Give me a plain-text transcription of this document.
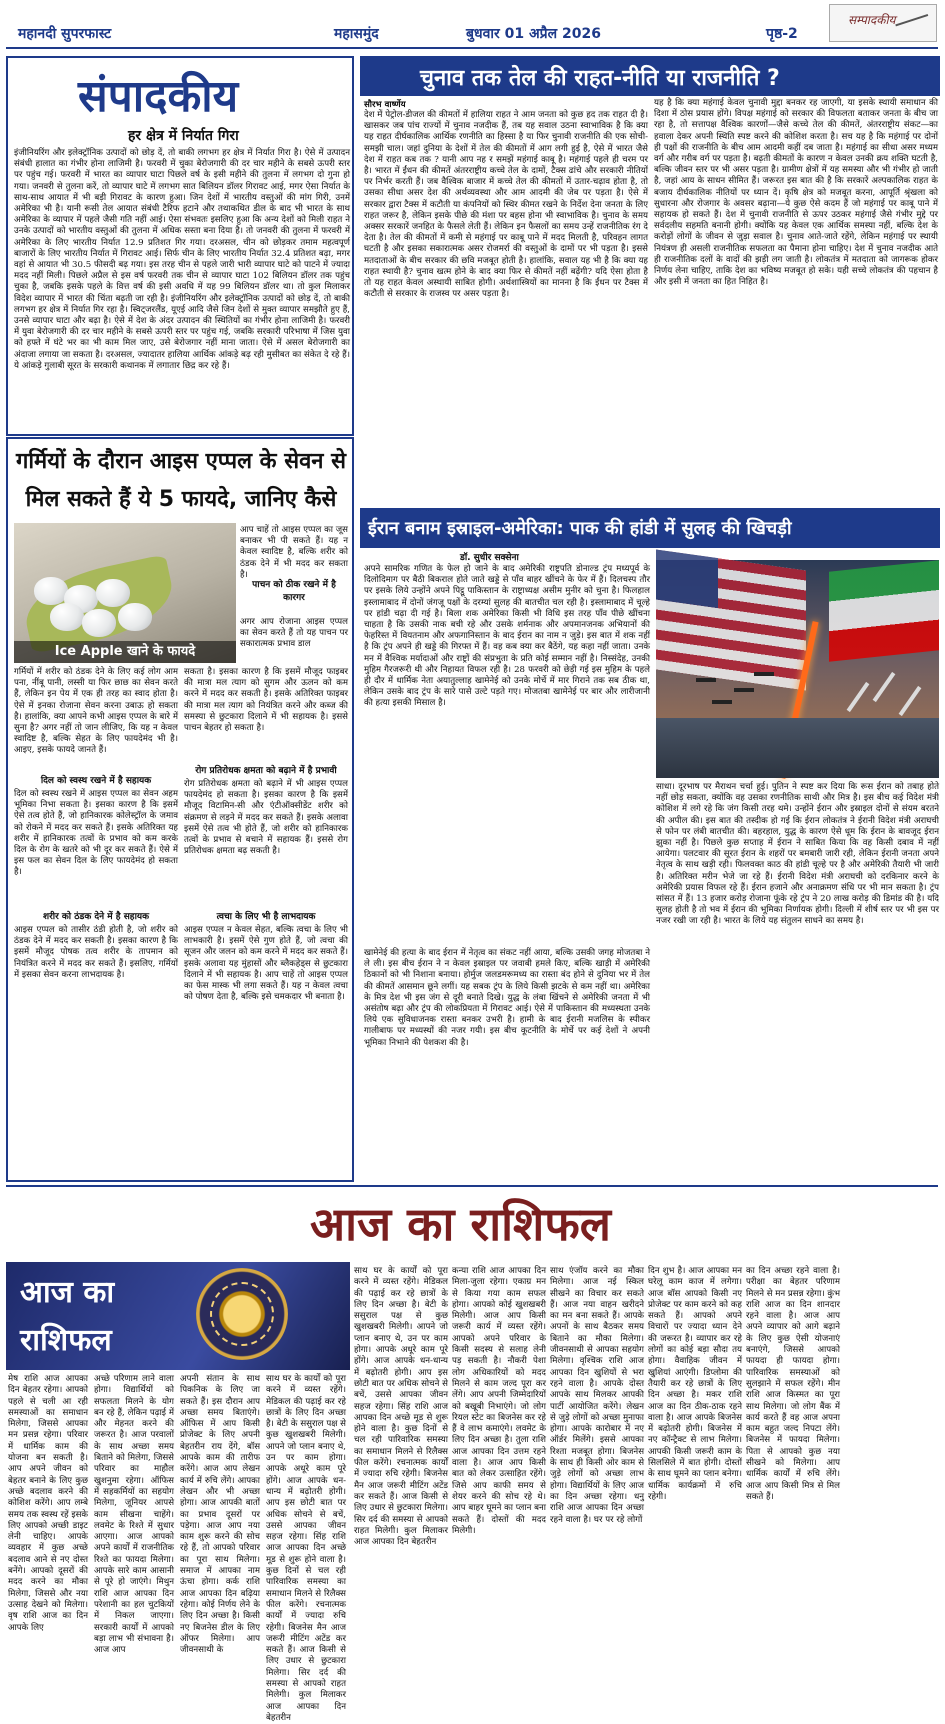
महानदी सुपरफास्ट	महासमुंद	बुधवार 01 अप्रैल 2026	पृष्ठ-2
सम्पादकीय
संपादकीय
हर क्षेत्र में निर्यात गिरा
इंजीनियरिंग और इलेक्ट्रॉनिक उत्पादों को छोड़ दें, तो बाकी लगभग हर क्षेत्र में निर्यात गिरा है। ऐसे में उत्पादन संबंधी हालात का गंभीर होना लाजिमी है। फरवरी में चुका बेरोजगारी की दर चार महीने के सबसे ऊपरी स्तर पर पहुंच गई। फरवरी में भारत का व्यापार घाटा पिछले वर्ष के इसी महीने की तुलना में लगभग दो गुना हो गया। जनवरी से तुलना करें, तो व्यापार घाटे में लगभग सात बिलियन डॉलर गिरावट आई, मगर ऐसा निर्यात के साथ-साथ आयात में भी बड़ी गिरावट के कारण हुआ। जिन देशों में भारतीय वस्तुओं की मांग गिरी, उनमें अमेरिका भी है। यानी रूसी तेल आयात संबंधी टैरिफ हटाने और तथाकथित डील के बाद भी भारत के साथ अमेरिका के व्यापार में पहले जैसी गति नहीं आई। ऐसा संभवतः इसलिए हुआ कि अन्य देशों को मिली राहत ने उनके उत्पादों को भारतीय वस्तुओं की तुलना में अधिक सस्ता बना दिया है। तो जनवरी की तुलना में फरवरी में अमेरिका के लिए भारतीय निर्यात 12.9 प्रतिशत गिर गया। दरअसल, चीन को छोड़कर तमाम महत्वपूर्ण बाजारों के लिए भारतीय निर्यात में गिरावट आई। सिर्फ चीन के लिए भारतीय निर्यात 32.4 प्रतिशत बढ़ा, मगर वहां से आयात भी 30.5 फीसदी बढ़ गया। इस तरह चीन से पहले जारी भारी व्यापार घाटे को पाटने में ज्यादा मदद नहीं मिली। पिछले अप्रैल से इस वर्ष फरवरी तक चीन से व्यापार घाटा 102 बिलियन डॉलर तक पहुंच चुका है, जबकि इसके पहले के वित्त वर्ष की इसी अवधि में यह 99 बिलियन डॉलर था। तो कुल मिलाकर विदेश व्यापार में भारत की चिंता बढ़ती जा रही है। इंजीनियरिंग और इलेक्ट्रॉनिक उत्पादों को छोड़ दें, तो बाकी लगभग हर क्षेत्र में निर्यात गिर रहा है। स्विट्जरलैंड, यूएई आदि जैसे जिन देशों से मुक्त व्यापार समझौते हुए हैं, उनसे व्यापार घाटा और बढ़ा है। ऐसे में देश के अंदर उत्पादन की स्थितियों का गंभीर होना लाजिमी है। फरवरी में युवा बेरोजगारी की दर चार महीने के सबसे ऊपरी स्तर पर पहुंच गई, जबकि सरकारी परिभाषा में जिस युवा को हफ्ते में घंटे भर का भी काम मिल जाए, उसे बेरोजगार नहीं माना जाता। ऐसे में असल बेरोजगारी का अंदाजा लगाया जा सकता है। दरअसल, ज्यादातर हालिया आर्थिक आंकड़े बढ़ रही मुसीबत का संकेत दे रहे हैं। ये आंकड़े गुलाबी सूरत के सरकारी कथानक में लगातार छिद्र कर रहे हैं।
गर्मियों के दौरान आइस एप्पल के सेवन से मिल सकते हैं ये 5 फायदे, जानिए कैसे
Ice Apple खाने के फायदे
आप चाहें तो आइस एप्पल का जूस बनाकर भी पी सकते हैं। यह न केवल स्वादिष्ट है, बल्कि शरीर को ठंडक देने में भी मदद कर सकता है।
पाचन को ठीक रखने में है कारगर
अगर आप रोजाना आइस एप्पल का सेवन करते हैं तो यह पाचन पर सकारात्मक प्रभाव डाल
गर्मियों में शरीर को ठंडक देने के लिए कई लोग आम पना, नींबू पानी, लस्सी या फिर छाछ का सेवन करते हैं, लेकिन इन पेय में एक ही तरह का स्वाद होता है। ऐसे में इनका रोजाना सेवन करना उबाऊ हो सकता है। हालांकि, क्या आपने कभी आइस एप्पल के बारे में सुना है? अगर नहीं तो जान लीजिए, कि यह न केवल स्वादिष्ट है, बल्कि सेहत के लिए फायदेमंद भी है। आइए, इसके फायदे जानते हैं।
दिल को स्वस्थ रखने में है सहायक
दिल को स्वस्थ रखने में आइस एप्पल का सेवन अहम भूमिका निभा सकता है। इसका कारण है कि इसमें ऐसे तत्व होते हैं, जो हानिकारक कोलेस्ट्रॉल के जमाव को रोकने में मदद कर सकते हैं। इसके अतिरिक्त यह शरीर में हानिकारक तत्वों के प्रभाव को कम करके दिल के रोग के खतरे को भी दूर कर सकते हैं। ऐसे में इस फल का सेवन दिल के लिए फायदेमंद हो सकता है।
शरीर को ठंडक देने में है सहायक
आइस एप्पल को तासीर ठंडी होती है, जो शरीर को ठंडक देने में मदद कर सकती है। इसका कारण है कि इसमें मौजूद पोषक तत्व शरीर के तापमान को नियंत्रित करने में मदद कर सकते हैं। इसलिए, गर्मियों में इसका सेवन करना लाभदायक है।
सकता है। इसका कारण है कि इसमें मौजूद फाइबर की मात्रा मल त्याग को सुगम और ऊलन को कम करने में मदद कर सकती है। इसके अतिरिक्त फाइबर की मात्रा मल त्याग को नियंत्रित करने और कब्ज की समस्या से छुटकारा दिलाने में भी सहायक है। इससे पाचन बेहतर हो सकता है।
रोग प्रतिरोधक क्षमता को बढ़ाने में है प्रभावी
रोग प्रतिरोधक क्षमता को बढ़ाने में भी आइस एप्पल फायदेमंद हो सकता है। इसका कारण है कि इसमें मौजूद विटामिन-सी और एंटीऑक्सीडेंट शरीर को संक्रमण से लड़ने में मदद कर सकते हैं। इसके अलावा इसमें ऐसे तत्व भी होते हैं, जो शरीर को हानिकारक तत्वों के प्रभाव से बचाने में सहायक हैं। इससे रोग प्रतिरोधक क्षमता बढ़ सकती है।
त्वचा के लिए भी है लाभदायक
आइस एप्पल न केवल सेहत, बल्कि त्वचा के लिए भी लाभकारी है। इसमें ऐसे गुण होते हैं, जो त्वचा की सूजन और जलन को कम करने में मदद कर सकते हैं। इसके अलावा यह मुंहासों और ब्लैकहेड्स से छुटकारा दिलाने में भी सहायक है। आप चाहें तो आइस एप्पल का फेस मास्क भी लगा सकते हैं। यह न केवल त्वचा को पोषण देता है, बल्कि इसे चमकदार भी बनाता है।
चुनाव तक तेल की राहत-नीति या राजनीति ?
सौरभ वार्ष्णेय
देश में पेट्रोल-डीजल की कीमतों में हालिया राहत ने आम जनता को कुछ हद तक राहत दी है। खासकर जब पांच राज्यों में चुनाव नजदीक हैं, तब यह सवाल उठना स्वाभाविक है कि क्या यह राहत दीर्घकालिक आर्थिक रणनीति का हिस्सा है या फिर चुनावी राजनीति की एक सोची-समझी चाल। जहां दुनिया के देशों में तेल की कीमतों में आग लगी हुई है, ऐसे में भारत जैसे देश में राहत कब तक ? यानी आप नह र समझें महंगाई काबू है। महंगाई पहले ही चरम पर है। भारत में ईंधन की कीमतें अंतरराष्ट्रीय कच्चे तेल के दामों, टैक्स ढांचे और सरकारी नीतियों पर निर्भर करती हैं। जब वैश्विक बाजार में कच्चे तेल की कीमतों में उतार-चढ़ाव होता है, तो उसका सीधा असर देश की अर्थव्यवस्था और आम आदमी की जेब पर पड़ता है। ऐसे में सरकार द्वारा टैक्स में कटौती या कंपनियों को स्थिर कीमत रखने के निर्देश देना जनता के लिए राहत जरूर है, लेकिन इसके पीछे की मंशा पर बहस होना भी स्वाभाविक है। चुनाव के समय अक्सर सरकारें जनहित के फैसले लेती हैं। लेकिन इन फैसलों का समय उन्हें राजनीतिक रंग दे देता है। तेल की कीमतों में कमी से महंगाई पर काबू पाने में मदद मिलती है, परिवहन लागत घटती है और इसका सकारात्मक असर रोजमर्रा की वस्तुओं के दामों पर भी पड़ता है। इससे मतदाताओं के बीच सरकार की छवि मजबूत होती है। हालांकि, सवाल यह भी है कि क्या यह राहत स्थायी है? चुनाव खत्म होने के बाद क्या फिर से कीमतें नहीं बढ़ेंगी? यदि ऐसा होता है तो यह राहत केवल अस्थायी साबित होगी। अर्थशास्त्रियों का मानना है कि ईंधन पर टैक्स में कटौती से सरकार के राजस्व पर असर पड़ता है।
यह है कि क्या महंगाई केवल चुनावी मुद्दा बनकर रह जाएगी, या इसके स्थायी समाधान की दिशा में ठोस प्रयास होंगे। विपक्ष महंगाई को सरकार की विफलता बताकर जनता के बीच जा रहा है, तो सत्तापक्ष वैश्विक कारणों—जैसे कच्चे तेल की कीमतें, अंतरराष्ट्रीय संकट—का हवाला देकर अपनी स्थिति स्पष्ट करने की कोशिश करता है। सच यह है कि महंगाई पर दोनों ही पक्षों की राजनीति के बीच आम आदमी कहीं दब जाता है। महंगाई का सीधा असर मध्यम वर्ग और गरीब वर्ग पर पड़ता है। बढ़ती कीमतों के कारण न केवल उनकी क्रय शक्ति घटती है, बल्कि जीवन स्तर पर भी असर पड़ता है। ग्रामीण क्षेत्रों में यह समस्या और भी गंभीर हो जाती है, जहां आय के साधन सीमित हैं। जरूरत इस बात की है कि सरकारें अल्पकालिक राहत के बजाय दीर्घकालिक नीतियों पर ध्यान दें। कृषि क्षेत्र को मजबूत करना, आपूर्ति श्रृंखला को सुधारना और रोजगार के अवसर बढ़ाना—ये कुछ ऐसे कदम हैं जो महंगाई पर काबू पाने में सहायक हो सकते हैं। देश में चुनावी राजनीति से ऊपर उठकर महंगाई जैसे गंभीर मुद्दे पर सर्वदलीय सहमति बनानी होगी। क्योंकि यह केवल एक आर्थिक समस्या नहीं, बल्कि देश के करोड़ों लोगों के जीवन से जुड़ा सवाल है। चुनाव आते-जाते रहेंगे, लेकिन महंगाई पर स्थायी नियंत्रण ही असली राजनीतिक सफलता का पैमाना होना चाहिए। देश में चुनाव नजदीक आते ही राजनीतिक दलों के वादों की झड़ी लग जाती है। लोकतंत्र में मतदाता को जागरूक होकर निर्णय लेना चाहिए, ताकि देश का भविष्य मजबूत हो सके। यही सच्चे लोकतंत्र की पहचान है और इसी में जनता का हित निहित है।
ईरान बनाम इस्राइल-अमेरिका: पाक की हांडी में सुलह की खिचड़ी
डॉ. सुधीर सक्सेना
अपने सामरिक गणित के फेल हो जाने के बाद अमेरिकी राष्ट्रपति डोनाल्ड ट्रंप मध्यपूर्व के दिलोदिमाग पर बैठी बिकराल होते जाते खड्डे से पाँव बाहर खींचने के फेर में हैं। दिलचस्प तौर पर इसके लिये उन्होंने अपने पिट्ठू पाकिस्तान के राष्ट्राध्यक्ष असीम मुनीर को चुना है। फिलहाल इस्लामाबाद में दोनों जंगजू पक्षों के दरम्यां सुलह की बातचीत चल रही है। इस्लामाबाद में चूल्हे पर हांडी चढ़ा दी गई है। बिला शक अमेरिका किसी भी विधि इस तरह पाँव पीछे खींचना चाहता है कि उसकी नाक बची रहे और उसके शर्मनाक और अपमानजनक अभियानों की फेहरिस्त में वियतनाम और अफगानिस्तान के बाद ईरान का नाम न जुड़े। इस बात में शक नहीं है कि ट्रंप अपने ही खड्डे की गिरफ्त में हैं। वह कब क्या कर बैठेंगे, यह कहा नहीं जाता। उनके मन में वैश्विक मर्यादाओं और राष्ट्रों की संप्रभुता के प्रति कोई सम्मान नहीं है। निस्संदेह, उनकी मुहिम गैरजरूरी थी और निहायत विफल रही है। 28 फरवरी को छेड़ी गई इस मुहिम के पहले ही दौर में धार्मिक नेता अयातुल्लाह खामेनेई को उनके मोर्चे में मार गिराने तक सब ठीक था, लेकिन उसके बाद ट्रंप के सारे पासे उल्टे पड़ते गए। मोजतबा खामेनेई पर बार और लारीजानी की हत्या इसकी मिसाल है।
खामेनेई की हत्या के बाद ईरान में नेतृत्व का संकट नहीं आया, बल्कि उसकी जगह मोजतबा ने ले ली। इस बीच ईरान ने न केवल इस्राइल पर जवाबी हमले किए, बल्कि खाड़ी में अमेरिकी ठिकानों को भी निशाना बनाया। होर्मुज जलडमरूमध्य का रास्ता बंद होने से दुनिया भर में तेल की कीमतें आसमान छूने लगीं। यह सबक ट्रंप के लिये किसी झटके से कम नहीं था। अमेरिका के मित्र देश भी इस जंग से दूरी बनाते दिखे। युद्ध के लंबा खिंचने से अमेरिकी जनता में भी असंतोष बढ़ा और ट्रंप की लोकप्रियता में गिरावट आई। ऐसे में पाकिस्तान की मध्यस्थता उनके लिये एक सुविधाजनक रास्ता बनकर उभरी है। हामी के बाद ईरानी मजलिस के स्पीकर गालीबाफ पर मध्यस्थों की नजर गयी। इस बीच कूटनीति के मोर्चे पर कई देशों ने अपनी भूमिका निभाने की पेशकश की है।
साधा। दूरभाष पर मैराथन चर्चा हुई। पुतिन ने स्पष्ट कर दिया कि रूस ईरान को तबाह होते नहीं छोड़ सकता, क्योंकि वह उसका रणनीतिक साथी और मित्र है। इस बीच कई विदेश मंत्री कोशिश में लगे रहे कि जंग किसी तरह थमे। उन्होंने ईरान और इस्राइल दोनों से संयम बरतने की अपील की। इस बात की तस्दीक हो गई कि ईरान लोकतंत्र ने ईरानी विदेश मंत्री अराघची से फोन पर लंबी बातचीत की। बहरहाल, युद्ध के कारण ऐसे धूम कि ईरान के बावजूद ईरान झुका नहीं है। पिछले कुछ सप्ताह में ईरान ने साबित किया कि वह किसी दबाव में नहीं आयेगा। पलटवार की सूरत ईरान के शहरों पर बमबारी जारी रही, लेकिन ईरानी जनता अपने नेतृत्व के साथ खड़ी रही। फिलवक्त काठ की हांडी चूल्हे पर है और अमेरिकी तैयारी भी जारी है। अतिरिक्त मरीन भेजे जा रहे हैं। ईरानी विदेश मंत्री अराघची को दरकिनार करने के अमेरिकी प्रयास विफल रहे हैं। ईरान हजाने और अनाक्रमण संधि पर भी मान सकता है। ट्रंप सांसत में हैं। 13 हजार करोड़ रोजाना फूंके रहे ट्रंप ने 20 लाख करोड़ की डिमांड की है। यदि सुलह होती है तो भव में ईरान की भूमिका निर्णायक होगी। दिल्ली में शीर्ष स्तर पर भी इस पर नजर रखी जा रही है। भारत के लिये यह संतुलन साधने का समय है।
आज का राशिफल
आज का
राशिफल
मेष राशि आज आपका दिन बेहतर रहेगा। आपको पहले से चली आ रही समस्याओं का समाधान मिलेगा, जिससे आपका मन प्रसन्न रहेगा। परिवार में धार्मिक काम की योजना बन सकती है। आप अपने जीवन को बेहतर बनाने के लिए कुछ अच्छे बदलाव करने की कोशिश करेंगे। आप लम्बे समय तक स्वस्थ रहें इसके लिए आपको अच्छी डाइट लेनी चाहिए। आपके व्यवहार में कुछ अच्छे बदलाव आने से नए दोस्त बनेंगे। आपको दूसरों की मदद करने का मौका मिलेगा, जिससे और नया उत्साह देखने को मिलेगा। वृष राशि आज का दिन आपके लिए
अच्छे परिणाम लाने वाला होगा। विद्यार्थियों को सफलता मिलने के योग बन रहे हैं, लेकिन पढ़ाई में और मेहनत करने की जरूरत है। आज परवालों के साथ अच्छा समय बिताने को मिलेगा, जिससे परिवार का माहौल खुशनुमा रहेगा। ऑफिस में सहकर्मियों का सहयोग मिलेगा, जूनियर आपसे काम सीखना चाहेंगे। लवमेट के रिश्ते में सुधार आएगा। आज आपको अपने कार्यों में राजनीतिक रिश्ते का फायदा मिलेगा। आपके सारे काम आसानी से पूरे हो जाएंगे। मिथुन राशि आज आपका दिन परेशानी का हल चुटकियों में निकल जाएगा। सरकारी कार्यों में आपको बड़ा लाभ भी संभावना है। आज आप
अपनी संतान के साथ पिकनिक के लिए जा सकते हैं। इस दौरान आप अच्छा समय बिताएंगे। ऑफिस में आप किसी प्रोजेक्ट के लिए अपनी बेहतरीन राय देंगे, बॉस आपके काम की तारीफ करेंगे। आज आप लेखन कार्य में रुचि लेंगे। आपका लेखन और भी अच्छा होगा। आज आपकी बातों का प्रभाव दूसरों पर पड़ेगा। आज आप नया काम शुरू करने की सोच रहे हैं, तो आपको परिवार का पूरा साथ मिलेगा। समाज में आपका नाम ऊंचा होगा। कर्क राशि आज आपका दिन बढ़िया रहेगा। कोई निर्णय लेने के लिए दिन अच्छा है। किसी नए बिजनेस डील के लिए ऑफर मिलेगा। आप जीवनसाथी के
साथ घर के कार्यों को पूरा करने में व्यस्त रहेंगे। मेडिकल की पढ़ाई कर रहे छात्रों के लिए दिन अच्छा है। बेटी के ससुराल पक्ष से कुछ खुशखबरी मिलेगी। आपने जो प्लान बनाए थे, उन पर काम होगा। आपके अधूरे काम पूरे होंगे। आज आपके धन-धान्य में बढ़ोतरी होगी। आप इस छोटी बात पर अधिक सोचने से बचें, उससे आपका जीवन सहज रहेगा। सिंह राशि आज आपका दिन अच्छे मूड से शुरू होने वाला है। कुछ दिनों से चल रही पारिवारिक समस्या का समाधान मिलने से रिलैक्स फील करेंगे। रचनात्मक कार्यों में ज्यादा रुचि रहेगी। बिजनेस मैन आज जरूरी मीटिंग अटेंड कर सकते हैं। आज किसी से लिए उधार से छुटकारा मिलेगा। सिर दर्द की समस्या से आपको राहत मिलेगी। कुल मिलाकर आज आपका दिन बेहतरीन
साथ घर के कार्यों को पूरा करने में व्यस्त रहेंगे। मेडिकल की पढ़ाई कर रहे छात्रों के लिए दिन अच्छा है। बेटी के ससुराल पक्ष से कुछ खुशखबरी मिलेगी। आपने जो प्लान बनाए थे, उन पर काम होगा। आपके अधूरे काम पूरे होंगे। आज आपके धन-धान्य में बढ़ोतरी होगी। आप इस छोटी बात पर अधिक सोचने से बचें, उससे आपका जीवन सहज रहेगा। सिंह राशि आज आपका दिन अच्छे मूड से शुरू होने वाला है। कुछ दिनों से चल रही पारिवारिक समस्या का समाधान मिलने से रिलैक्स फील करेंगे। रचनात्मक कार्यों में ज्यादा रुचि रहेगी। बिजनेस मैन आज जरूरी मीटिंग अटेंड कर सकते हैं। आज किसी से लिए उधार से छुटकारा मिलेगा। सिर दर्द की समस्या से आपको राहत मिलेगी। कुल मिलाकर आज आपका दिन बेहतरीन
कन्या राशि आज आपका दिन मिला-जुला रहेगा। एकाग्र मन से किया गया काम सफल होगा। आपको कोई खुशखबरी मिलेगी। आज आप किसी जरूरी कार्य में व्यस्त रहेंगे। आपको अपने परिवार के किसी सदस्य से सलाह लेनी पड़ सकती है। नौकरी पेशा लोग अधिकारियों को मदद मिलने से काम जल्द पूरा कर लेंगे। आप अपनी जिम्मेदारियों को बखूबी निभाएंगे। जो लोग रियल स्टेट का बिजनेस कर रहे हैं वे लाभ कमाएंगे। लवमेट के लिए दिन अच्छा है। तुला राशि आज आपका दिन उत्तम रहने वाला है। आज आप किसी बात को लेकर उत्साहित रहेंगे। जिसे आप काफी समय से शेयर करने की सोच रहे थे। आप बाहर घूमने का प्लान बना सकते हैं। दोस्तों की मदद मिलेगी।
साथ एंजॉय करने का मौका मिलेगा। आज नई स्किल सीखने का विचार कर सकते हैं। आज नया वाहन खरीदने का मन बना सकते हैं। आपके अपनों के साथ बैठकर समय बिताने का मौका मिलेगा। जीवनसाथी से आपका सहयोग मिलेगा। वृश्चिक राशि आज आपका दिन खुशियों से भरा रहने वाला है। आपके दोस्त आपके साथ मिलकर आपकी पार्टी आयोजित करेंगे। लेखन से जुड़े लोगों को अच्छा मुनाफा होगा। आपके कारोबार में नए ऑर्डर मिलेंगे। इससे आपका रिश्ता मजबूत होगा। बिजनेस के साथ ही किसी ओर काम से जुड़े लोगों को अच्छा लाभ होगा। विद्यार्थियों के लिए आज का दिन अच्छा रहेगा। धनु राशि आज आपका दिन अच्छा रहने वाला है। घर पर रहे लोगों
दिन शुभ है। आज आपका मन घरेलू काम काज में लगेगा। आज बॉस आपको किसी नए प्रोजेक्ट पर काम करने को कह सकते हैं। आपको अपने विचारों पर ज्यादा ध्यान देने की जरूरत है। व्यापार कर रहे लोगों का कोई बड़ा सौदा तय होगा। वैवाहिक जीवन में खुशियां आएंगी। डिप्लोमा की तैयारी कर रहे छात्रों के लिए दिन अच्छा है। मकर राशि आज का दिन ठीक-ठाक रहने वाला है। आज आपके बिजनेस में बढ़ोतरी होगी। बिजनेस में नए कॉन्ट्रैक्ट से लाभ मिलेगा। आपकी किसी जरूरी काम के सिलसिले में बात होगी। दोस्तों के साथ घूमने का प्लान बनेगा। धार्मिक कार्यक्रमों में रुचि रहेगी।
का दिन अच्छा रहने वाला है। परीक्षा का बेहतर परिणाम मिलने से मन प्रसन्न रहेगा। कुंभ राशि आज का दिन शानदार रहने वाला है। आज आप अपने व्यापार को आगे बढ़ाने के लिए कुछ ऐसी योजनाएं बनाएंगे, जिससे आपको फायदा ही फायदा होगा। पारिवारिक समस्याओं को सुलझाने में सफल रहेंगे। मीन राशि आज किस्मत का पूरा साथ मिलेगा। जो लोग बैंक में कार्य करते हैं वह आज अपना काम बहुत जल्द निपटा लेंगे। बिजनेस में फायदा मिलेगा। पिता से आपको कुछ नया सीखने को मिलेगा। आप धार्मिक कार्यों में रुचि लेंगे। आज आप किसी मित्र से मिल सकते हैं।
